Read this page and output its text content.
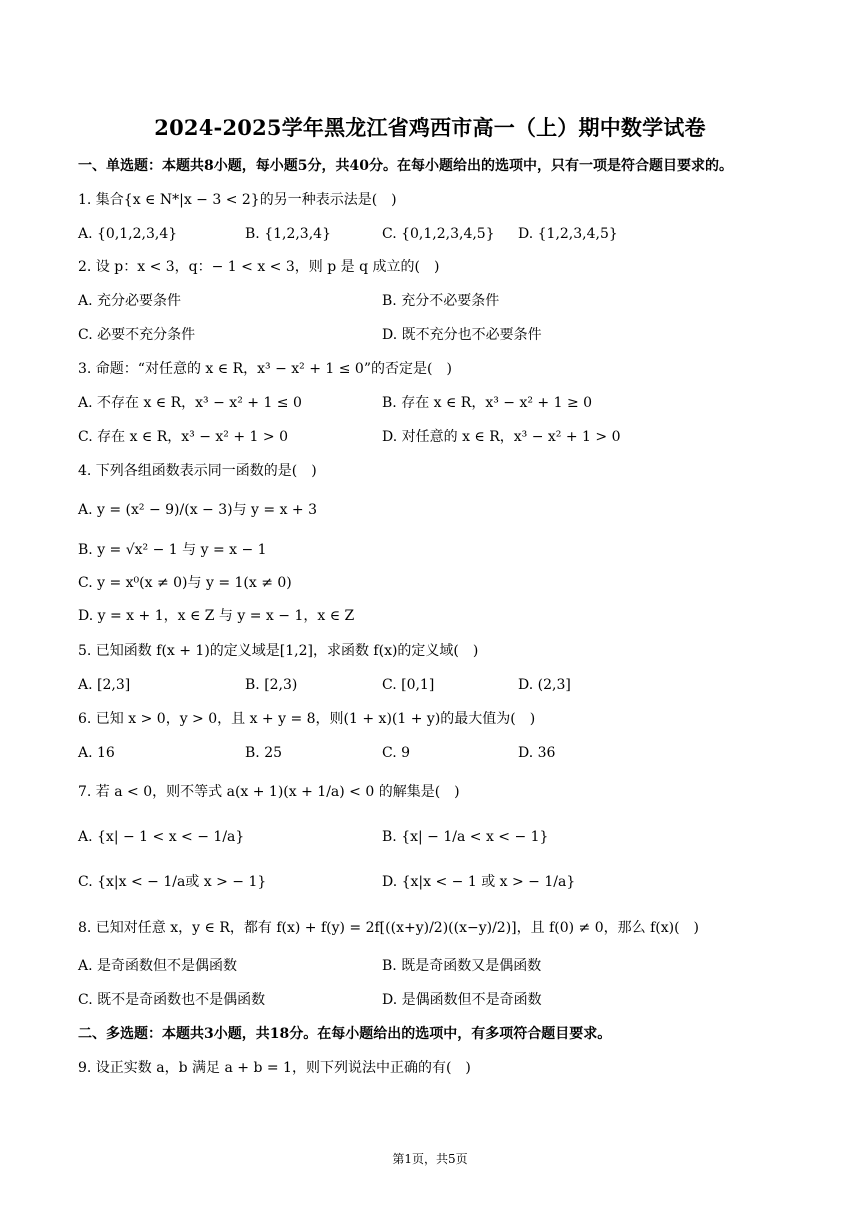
2024-2025学年黑龙江省鸡西市高一（上）期中数学试卷
一、单选题：本题共8小题，每小题5分，共40分。在每小题给出的选项中，只有一项是符合题目要求的。
1. 集合{x ∈ N*|x − 3 < 2}的另一种表示法是(　)
A. {0,1,2,3,4}	B. {1,2,3,4}	C. {0,1,2,3,4,5} D. {1,2,3,4,5}
2. 设 p：x < 3，q：− 1 < x < 3，则 p 是 q 成立的(　)
A. 充分必要条件	B. 充分不必要条件
C. 必要不充分条件	D. 既不充分也不必要条件
3. 命题：“对任意的 x ∈ R，x³ − x² + 1 ≤ 0”的否定是(　)
A. 不存在 x ∈ R，x³ − x² + 1 ≤ 0	B. 存在 x ∈ R，x³ − x² + 1 ≥ 0
C. 存在 x ∈ R，x³ − x² + 1 > 0	D. 对任意的 x ∈ R，x³ − x² + 1 > 0
4. 下列各组函数表示同一函数的是(　)
A. y = (x² − 9)/(x − 3)与 y = x + 3
B. y = √x² − 1 与 y = x − 1
C. y = x⁰(x ≠ 0)与 y = 1(x ≠ 0)
D. y = x + 1，x ∈ Z 与 y = x − 1，x ∈ Z
5. 已知函数 f(x + 1)的定义域是[1,2]，求函数 f(x)的定义域(　)
A. [2,3]	B. [2,3)	C. [0,1]	D. (2,3]
6. 已知 x > 0，y > 0，且 x + y = 8，则(1 + x)(1 + y)的最大值为(　)
A. 16	B. 25	C. 9	D. 36
7. 若 a < 0，则不等式 a(x + 1)(x + 1/a) < 0 的解集是(　)
A. {x| − 1 < x < − 1/a}	B. {x| − 1/a < x < − 1}
C. {x|x < − 1/a或 x > − 1}	D. {x|x < − 1 或 x > − 1/a}
8. 已知对任意 x，y ∈ R，都有 f(x) + f(y) = 2f[((x+y)/2)((x−y)/2)]，且 f(0) ≠ 0，那么 f(x)(　)
A. 是奇函数但不是偶函数	B. 既是奇函数又是偶函数
C. 既不是奇函数也不是偶函数	D. 是偶函数但不是奇函数
二、多选题：本题共3小题，共18分。在每小题给出的选项中，有多项符合题目要求。
9. 设正实数 a，b 满足 a + b = 1，则下列说法中正确的有(　)
第1页，共5页
